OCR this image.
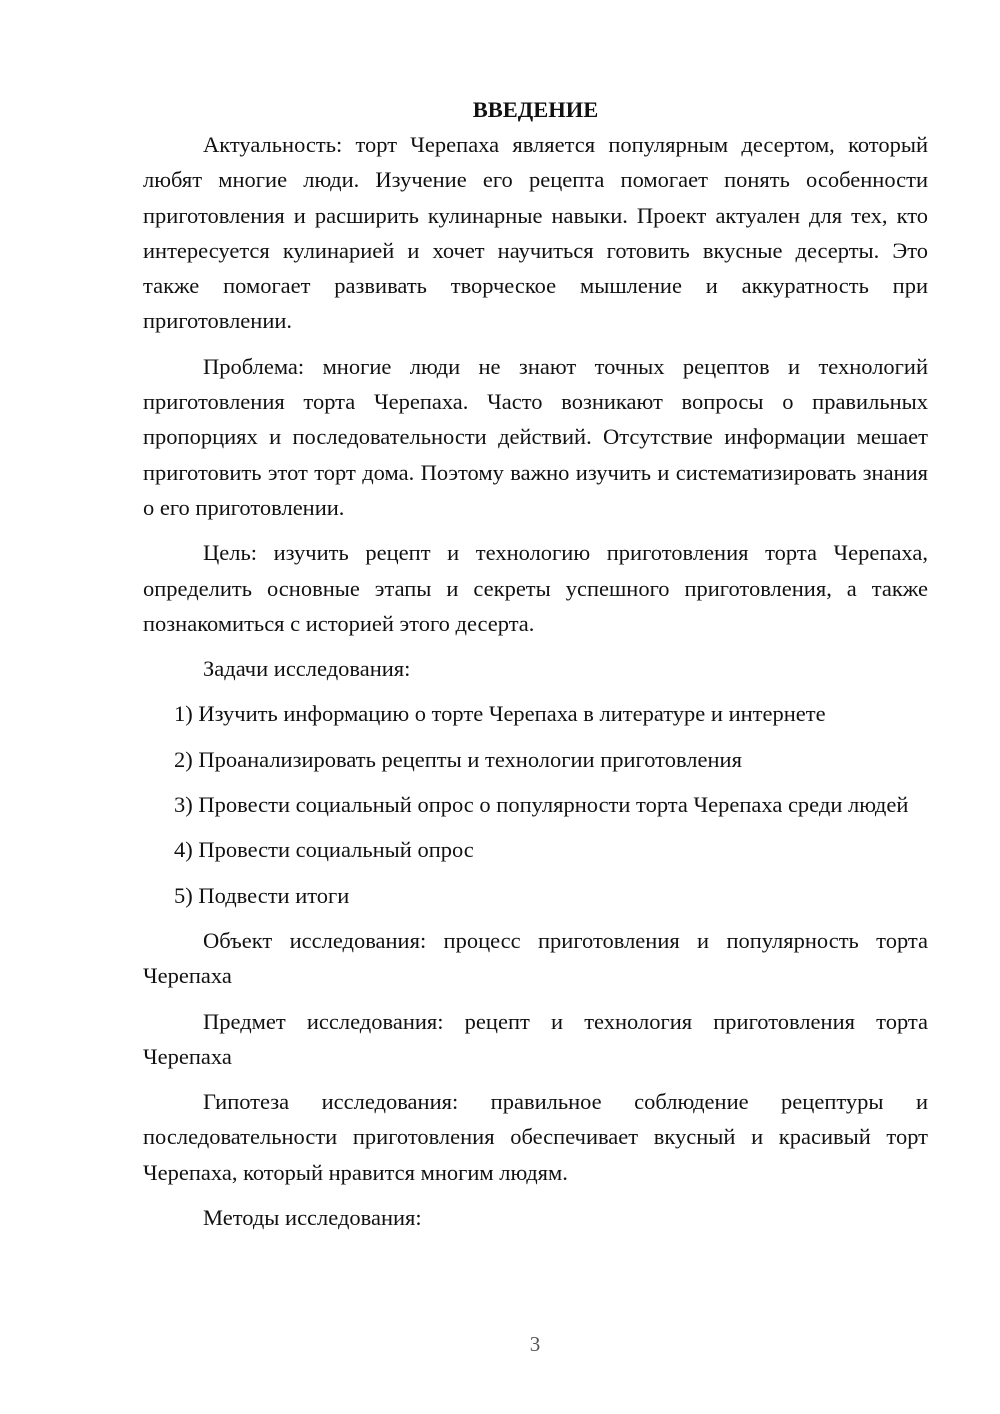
ВВЕДЕНИЕ

Актуальность: торт Черепаха является популярным десертом, который любят многие люди. Изучение его рецепта помогает понять особенности приготовления и расширить кулинарные навыки. Проект актуален для тех, кто интересуется кулинарией и хочет научиться готовить вкусные десерты. Это также помогает развивать творческое мышление и аккуратность при приготовлении.

Проблема: многие люди не знают точных рецептов и технологий приготовления торта Черепаха. Часто возникают вопросы о правильных пропорциях и последовательности действий. Отсутствие информации мешает приготовить этот торт дома. Поэтому важно изучить и систематизировать знания о его приготовлении.

Цель: изучить рецепт и технологию приготовления торта Черепаха, определить основные этапы и секреты успешного приготовления, а также познакомиться с историей этого десерта.

Задачи исследования:

1) Изучить информацию о торте Черепаха в литературе и интернете

2) Проанализировать рецепты и технологии приготовления

3) Провести социальный опрос о популярности торта Черепаха среди людей

4) Провести социальный опрос

5) Подвести итоги

Объект исследования: процесс приготовления и популярность торта Черепаха

Предмет исследования: рецепт и технология приготовления торта Черепаха

Гипотеза исследования: правильное соблюдение рецептуры и последовательности приготовления обеспечивает вкусный и красивый торт Черепаха, который нравится многим людям.

Методы исследования:

3
